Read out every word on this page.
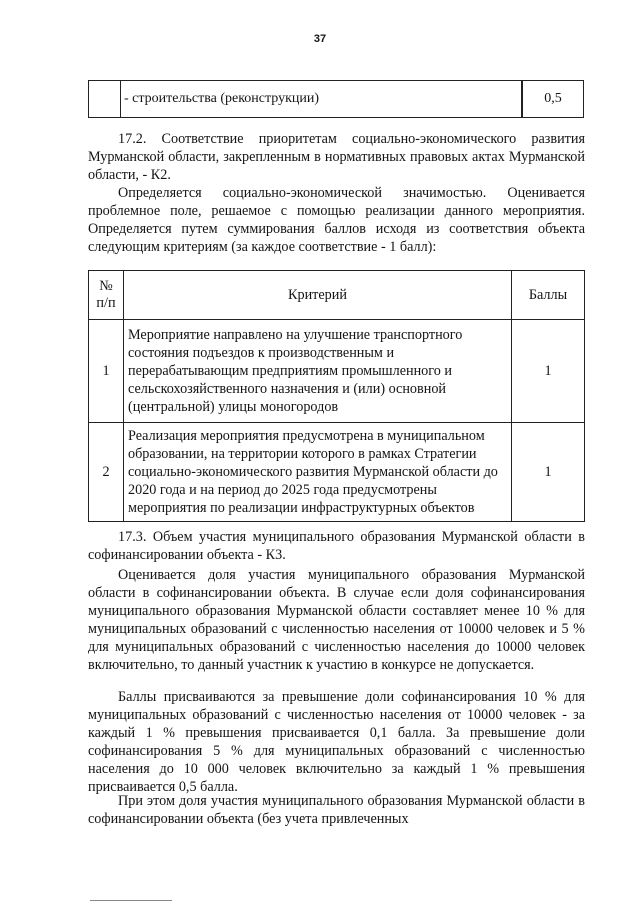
37
	- строительства (реконструкции)	0,5

17.2. Соответствие приоритетам социально-экономического развития Мурманской области, закрепленным в нормативных правовых актах Мурманской области, - К2.

Определяется социально-экономической значимостью. Оценивается проблемное поле, решаемое с помощью реализации данного мероприятия. Определяется путем суммирования баллов исходя из соответствия объекта следующим критериям (за каждое соответствие - 1 балл):

№
п/п	Критерий	Баллы
1	Мероприятие направлено на улучшение транспортного состояния подъездов к производственным и перерабатывающим предприятиям промышленного и сельскохозяйственного назначения и (или) основной (центральной) улицы моногородов	1
2	Реализация мероприятия предусмотрена в муниципальном образовании, на территории которого в рамках Стратегии социально-экономического развития Мурманской области до 2020 года и на период до 2025 года предусмотрены мероприятия по реализации инфраструктурных объектов	1

17.3. Объем участия муниципального образования Мурманской области в софинансировании объекта - К3.

Оценивается доля участия муниципального образования Мурманской области в софинансировании объекта. В случае если доля софинансирования муниципального образования Мурманской области составляет менее 10 % для муниципальных образований с численностью населения от 10000 человек и 5 % для муниципальных образований с численностью населения до 10000 человек включительно, то данный участник к участию в конкурсе не допускается.

Баллы присваиваются за превышение доли софинансирования 10 % для муниципальных образований с численностью населения от 10000 человек - за каждый 1 % превышения присваивается 0,1 балла. За превышение доли софинансирования 5 % для муниципальных образований с численностью населения до 10 000 человек включительно за каждый 1 % превышения присваивается 0,5 балла.

При этом доля участия муниципального образования Мурманской области в софинансировании объекта (без учета привлеченных
